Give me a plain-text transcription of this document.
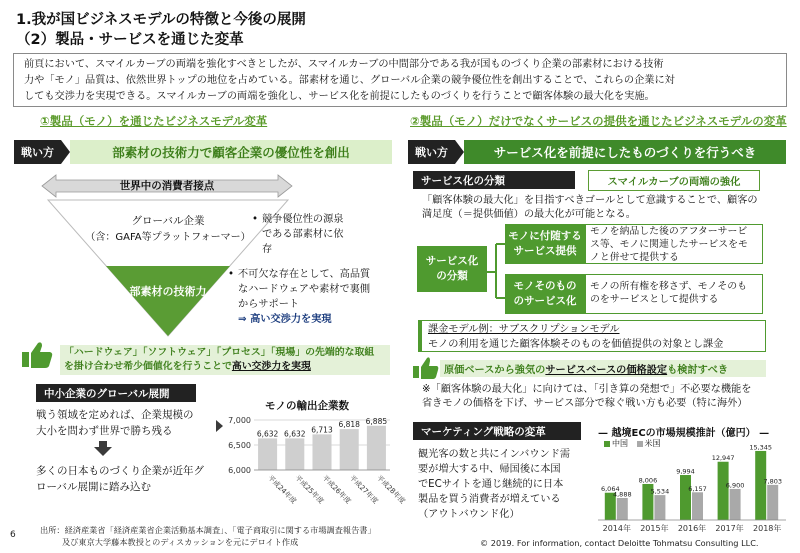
1.我が国ビジネスモデルの特徴と今後の展開
（2）製品・サービスを通じた変革
前頁において、スマイルカーブの両端を強化すべきとしたが、スマイルカーブの中間部分である我が国ものづくり企業の部素材における技術
力や「モノ」品質は、依然世界トップの地位を占めている。部素材を通じ、グローバル企業の競争優位性を創出することで、これらの企業に対
しても交渉力を実現できる。スマイルカーブの両端を強化し、サービス化を前提にしたものづくりを行うことで顧客体験の最大化を実施。
①製品（モノ）を通じたビジネスモデル変革
戦い方	部素材の技術力で顧客企業の優位性を創出
世界中の消費者接点
グローバル企業
（含：GAFA等プラットフォーマー）
部素材の技術力
• 競争優位性の源泉
である部素材に依
存
• 不可欠な存在として、高品質
なハードウェアや素材で裏側
からサポート
⇒ 高い交渉力を実現
「ハードウェア」「ソフトウェア」「プロセス」「現場」の先端的な取組
を掛け合わせ希少価値化を行うことで高い交渉力を実現
中小企業のグローバル展開
戦う領域を定めれば、企業規模の
大小を問わず世界で勝ち残る
多くの日本ものづくり企業が近年グ
ローバル展開に踏み込む
モノの輸出企業数
7,000
6,500
6,000
6,632
平成24年度
6,632
平成25年度
6,713
平成26年度
6,818
平成27年度
6,885
平成28年度
②製品（モノ）だけでなくサービスの提供を通じたビジネスモデルの変革
戦い方	サービス化を前提にしたものづくりを行うべき
サービス化の分類	スマイルカーブの両端の強化
「顧客体験の最大化」を目指すべきゴールとして意識することで、顧客の
満足度（＝提供価値）の最大化が可能となる。
サービス化
の分類
モノに付随する
サービス提供
モノを納品した後のアフターサービ
ス等、モノに関連したサービスをモ
ノと併せて提供する
モノそのもの
のサービス化
モノの所有権を移さず、モノそのも
のをサービスとして提供する
課金モデル例：サブスクリプションモデル
モノの利用を通じた顧客体験そのものを価値提供の対象とし課金
原価ベースから強気のサービスベースの価格設定も検討すべき
※「顧客体験の最大化」に向けては、「引き算の発想で」不必要な機能を
省きモノの価格を下げ、サービス部分で稼ぐ戦い方も必要（特に海外）
マーケティング戦略の変革
観光客の数と共にインバウンド需
要が増大する中、帰国後に本国
でECサイトを通じ継続的に日本
製品を買う消費者が増えている
（アウトバウンド化）
— 越境ECの市場規模推計（億円） —
中国 米国
6,064
4,888
2014年
8,006
5,534
2015年
9,994
6,157
2016年
12,947
6,900
2017年
15,345
7,803
2018年
6	出所：経済産業省「経済産業省企業活動基本調査」、「電子商取引に関する市場調査報告書」
及び東京大学藤本教授とのディスカッションを元にデロイト作成	© 2019. For information, contact Deloitte Tohmatsu Consulting LLC.
